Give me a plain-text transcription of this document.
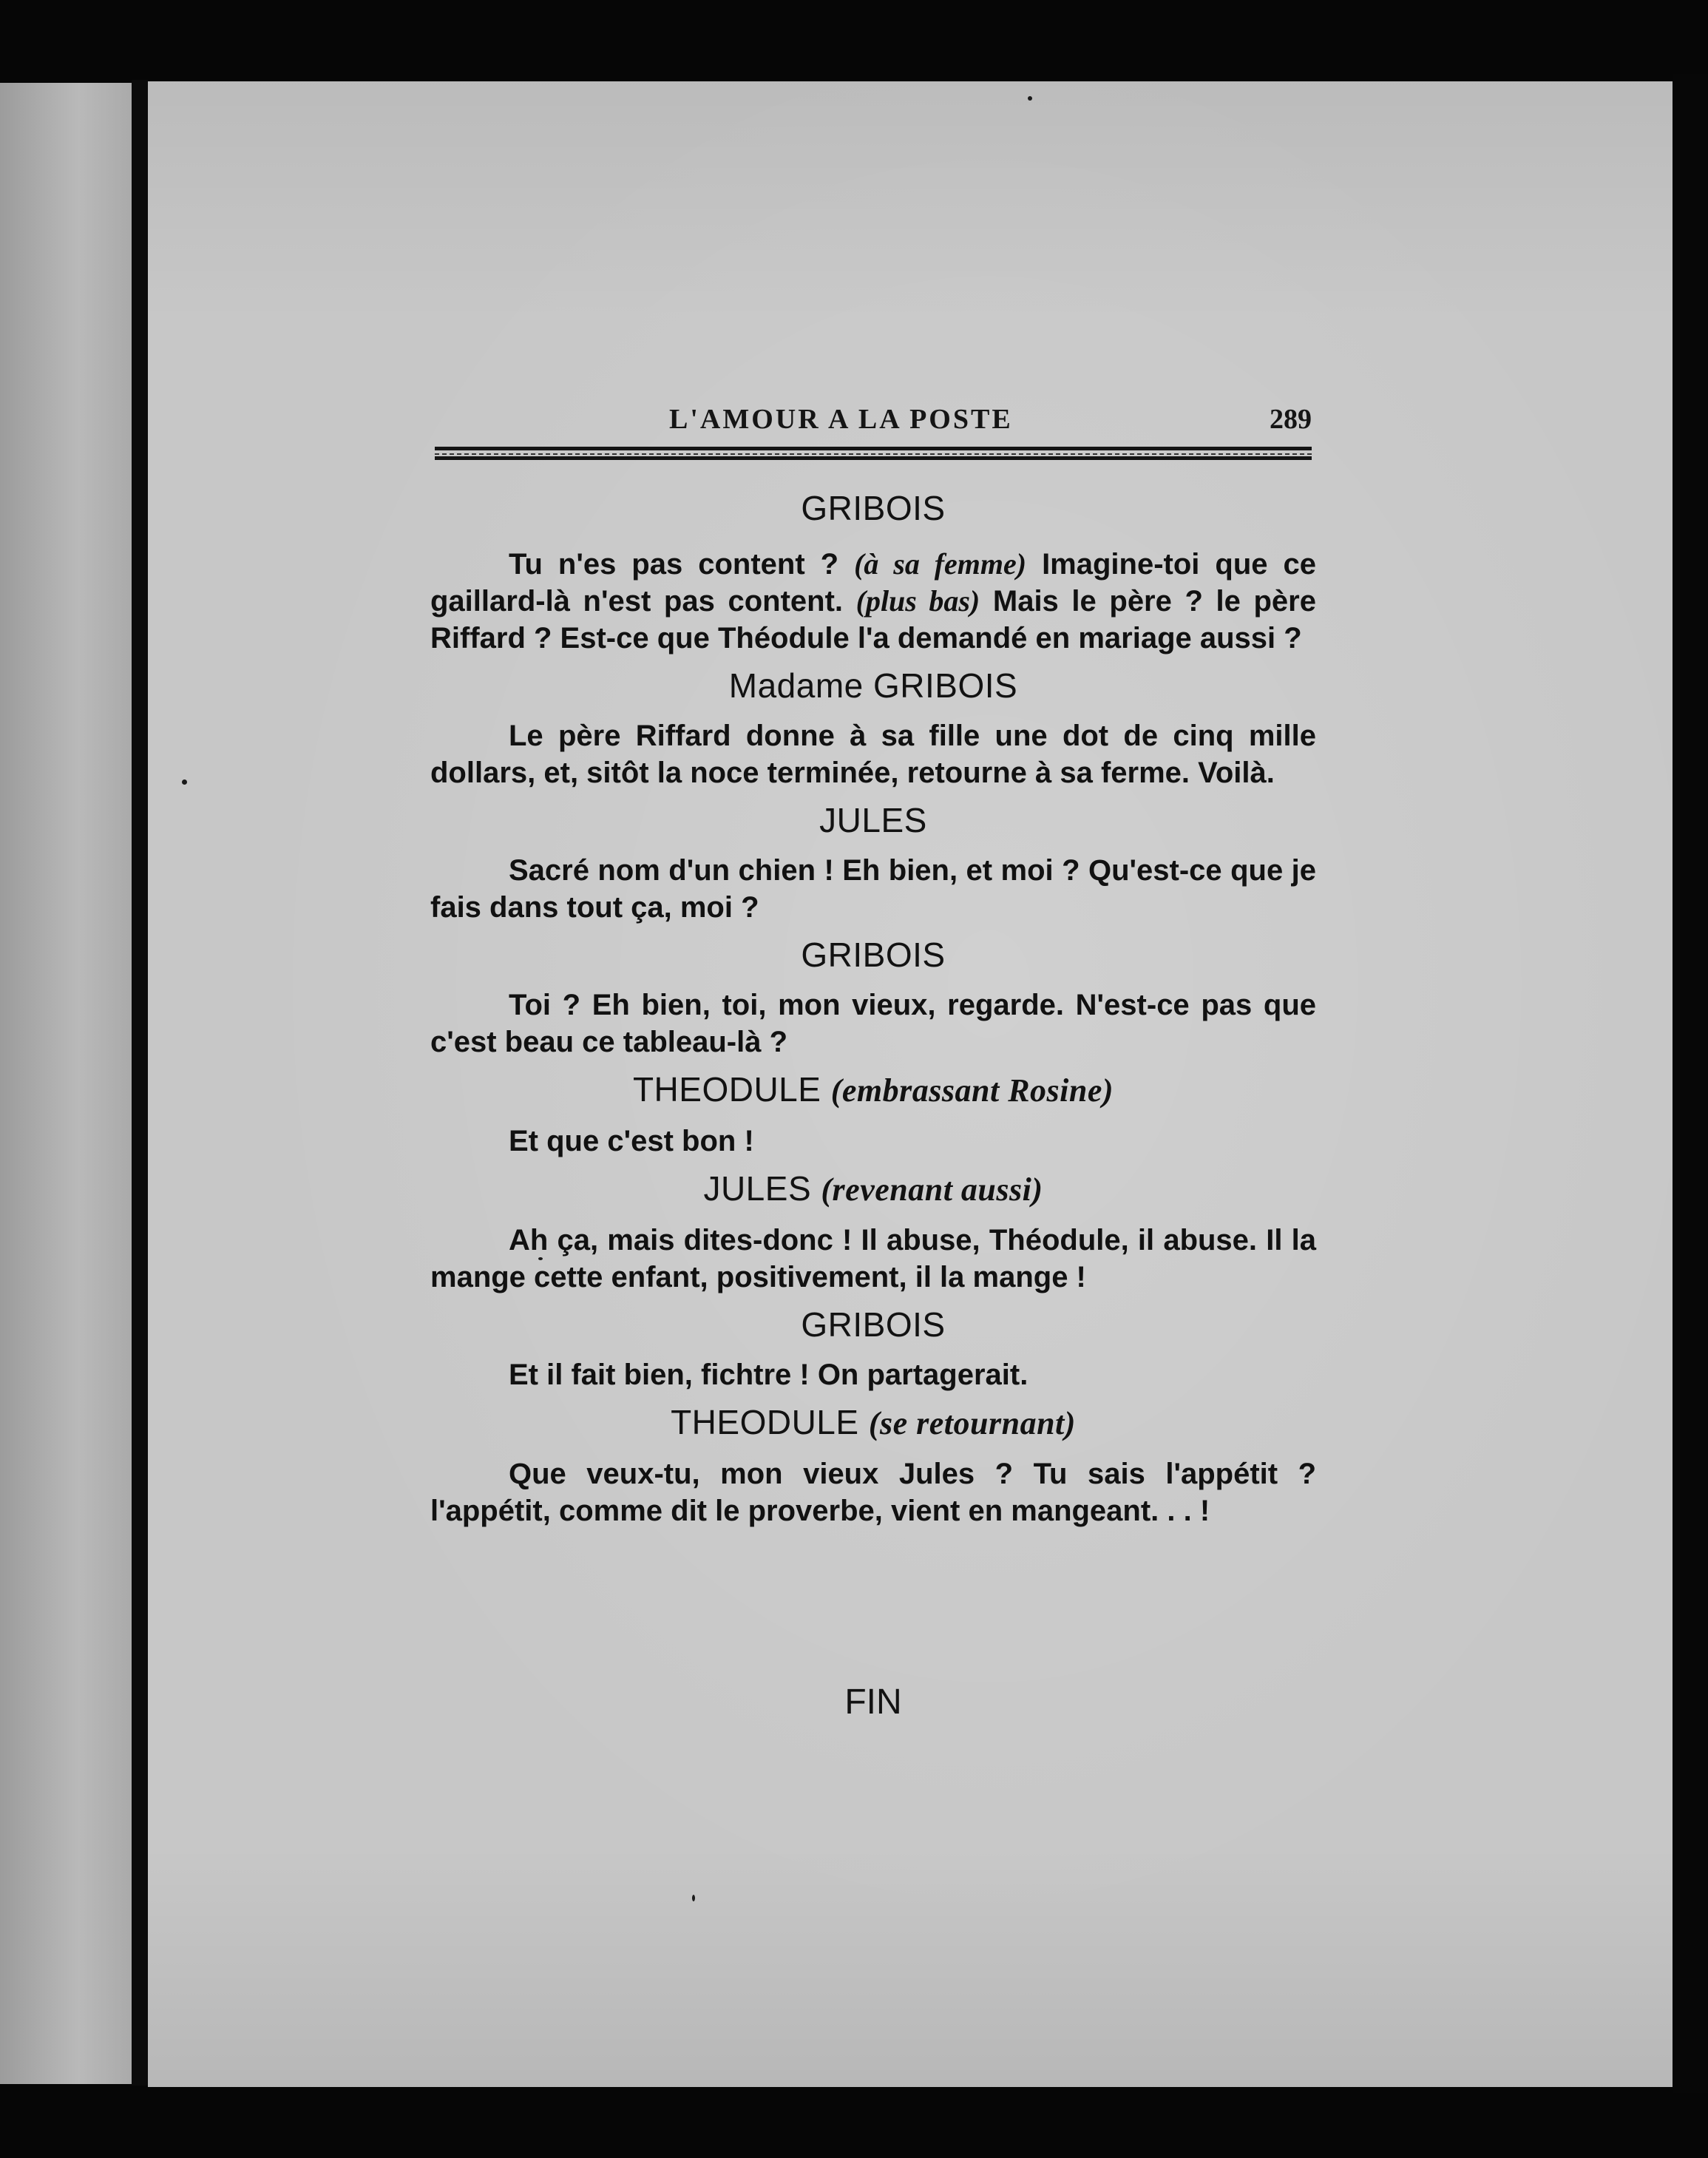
L'AMOUR A LA POSTE	289

GRIBOIS

Tu n'es pas content ? (à sa femme) Imagine-toi que ce gaillard-là n'est pas content. (plus bas) Mais le père ? le père Riffard ? Est-ce que Théodule l'a demandé en mariage aussi ?

Madame GRIBOIS

Le père Riffard donne à sa fille une dot de cinq mille dollars, et, sitôt la noce terminée, retourne à sa ferme. Voilà.

JULES

Sacré nom d'un chien ! Eh bien, et moi ? Qu'est-ce que je fais dans tout ça, moi ?

GRIBOIS

Toi ? Eh bien, toi, mon vieux, regarde. N'est-ce pas que c'est beau ce tableau-là ?

THEODULE (embrassant Rosine)

Et que c'est bon !

JULES (revenant aussi)

Ah ça, mais dites-donc ! Il abuse, Théodule, il abuse. Il la mange cette enfant, positivement, il la mange !

GRIBOIS

Et il fait bien, fichtre ! On partagerait.

THEODULE (se retournant)

Que veux-tu, mon vieux Jules ? Tu sais l'appétit ? l'appétit, comme dit le proverbe, vient en mangeant. . . !

FIN
